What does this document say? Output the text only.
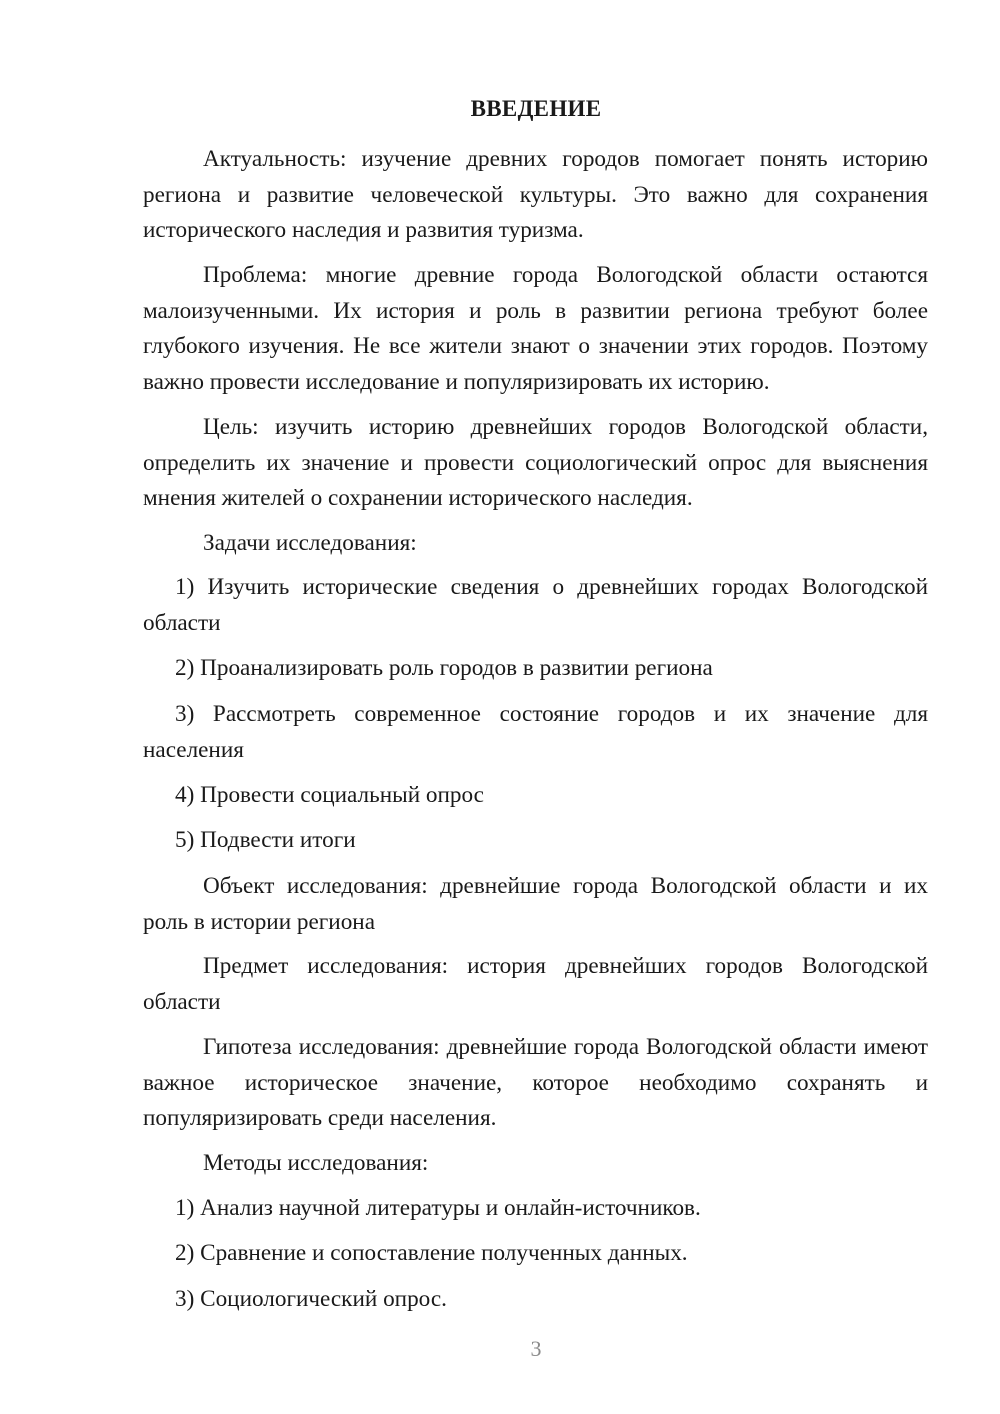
ВВЕДЕНИЕ
Актуальность: изучение древних городов помогает понять историю региона и развитие человеческой культуры. Это важно для сохранения исторического наследия и развития туризма.
Проблема: многие древние города Вологодской области остаются малоизученными. Их история и роль в развитии региона требуют более глубокого изучения. Не все жители знают о значении этих городов. Поэтому важно провести исследование и популяризировать их историю.
Цель: изучить историю древнейших городов Вологодской области, определить их значение и провести социологический опрос для выяснения мнения жителей о сохранении исторического наследия.
Задачи исследования:
1) Изучить исторические сведения о древнейших городах Вологодской области
2) Проанализировать роль городов в развитии региона
3) Рассмотреть современное состояние городов и их значение для населения
4) Провести социальный опрос
5) Подвести итоги
Объект исследования: древнейшие города Вологодской области и их роль в истории региона
Предмет исследования: история древнейших городов Вологодской области
Гипотеза исследования: древнейшие города Вологодской области имеют важное историческое значение, которое необходимо сохранять и популяризировать среди населения.
Методы исследования:
1) Анализ научной литературы и онлайн-источников.
2) Сравнение и сопоставление полученных данных.
3) Социологический опрос.
3
